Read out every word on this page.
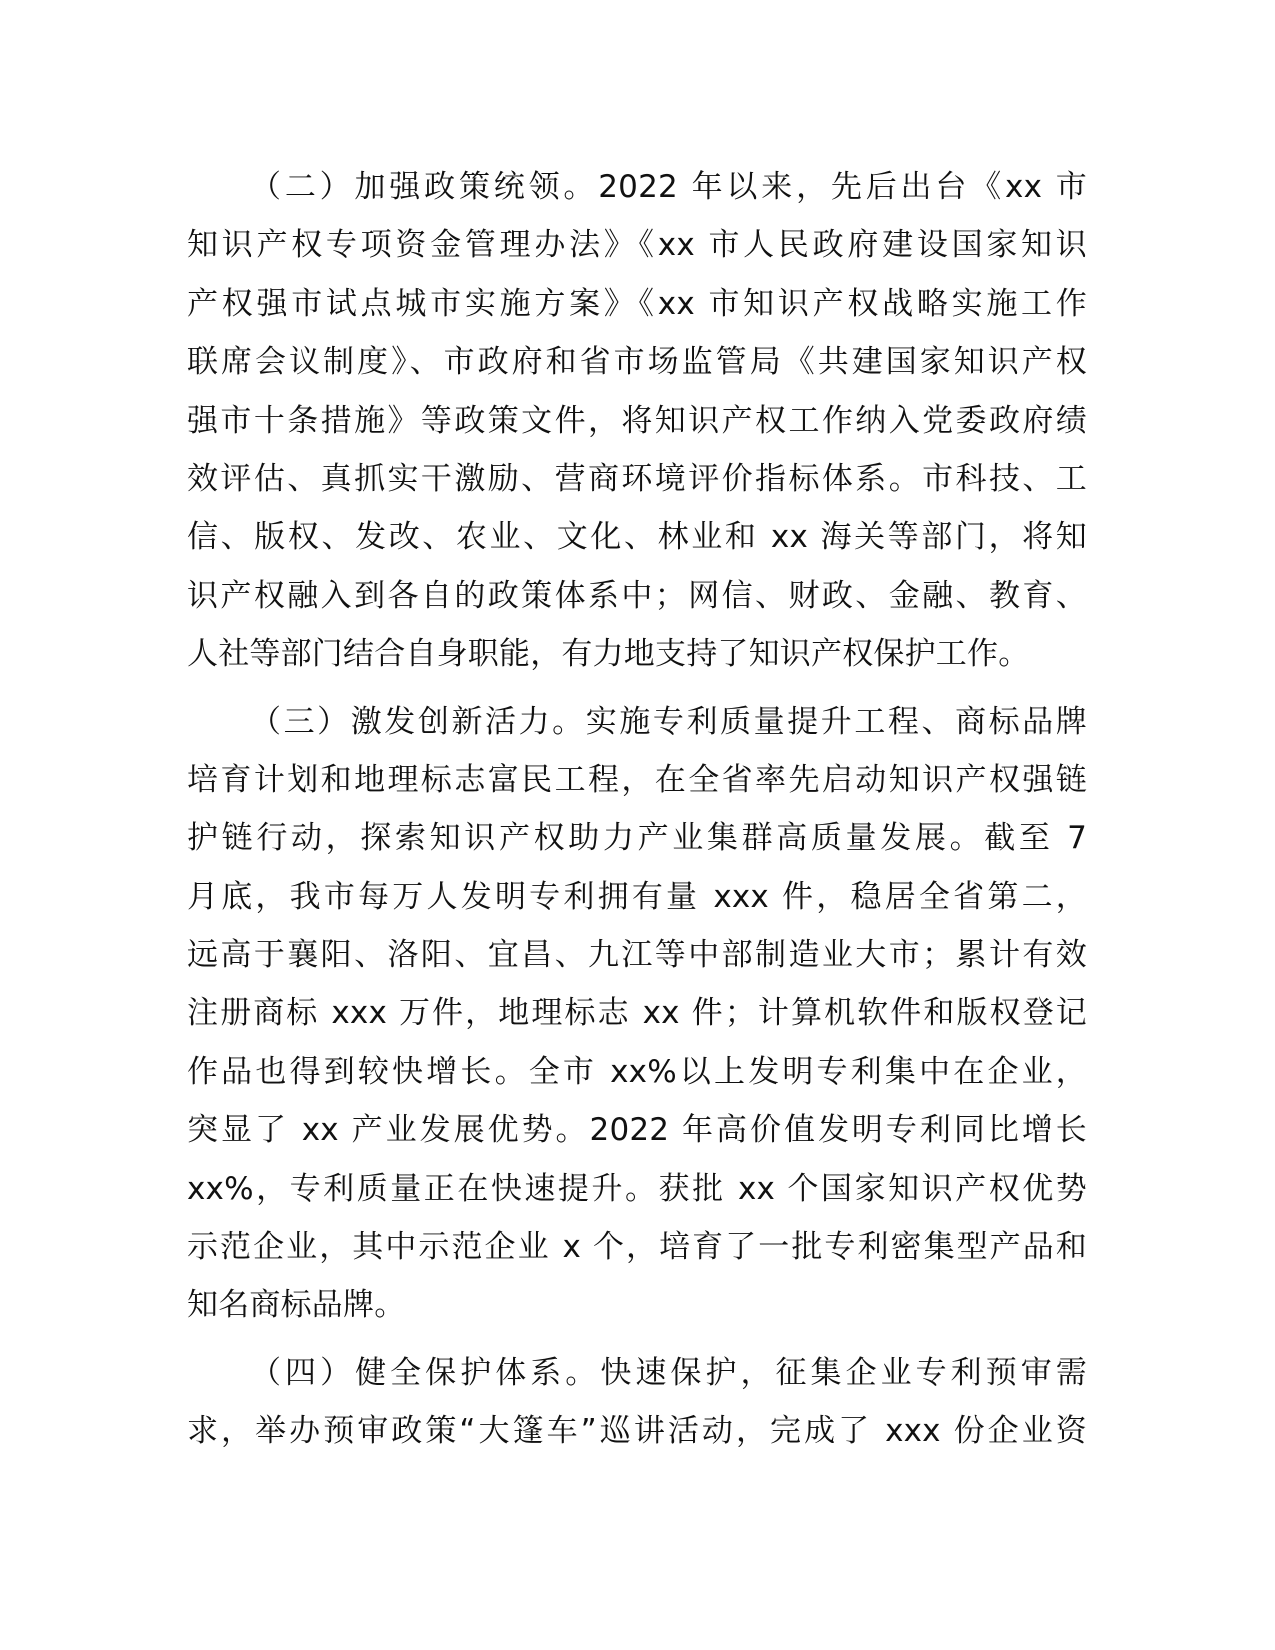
（二）加强政策统领。2022 年以来，先后出台《xx 市
知识产权专项资金管理办法》《xx 市人民政府建设国家知识
产权强市试点城市实施方案》《xx 市知识产权战略实施工作
联席会议制度》、市政府和省市场监管局《共建国家知识产权
强市十条措施》等政策文件，将知识产权工作纳入党委政府绩
效评估、真抓实干激励、营商环境评价指标体系。市科技、工
信、版权、发改、农业、文化、林业和 xx 海关等部门，将知
识产权融入到各自的政策体系中；网信、财政、金融、教育、
人社等部门结合自身职能，有力地支持了知识产权保护工作。
（三）激发创新活力。实施专利质量提升工程、商标品牌
培育计划和地理标志富民工程，在全省率先启动知识产权强链
护链行动，探索知识产权助力产业集群高质量发展。截至 7
月底，我市每万人发明专利拥有量 xxx 件，稳居全省第二，
远高于襄阳、洛阳、宜昌、九江等中部制造业大市；累计有效
注册商标 xxx 万件，地理标志 xx 件；计算机软件和版权登记
作品也得到较快增长。全市 xx%以上发明专利集中在企业，
突显了 xx 产业发展优势。2022 年高价值发明专利同比增长
xx%，专利质量正在快速提升。获批 xx 个国家知识产权优势
示范企业，其中示范企业 x 个，培育了一批专利密集型产品和
知名商标品牌。
（四）健全保护体系。快速保护，征集企业专利预审需
求，举办预审政策“大篷车”巡讲活动，完成了 xxx 份企业资
